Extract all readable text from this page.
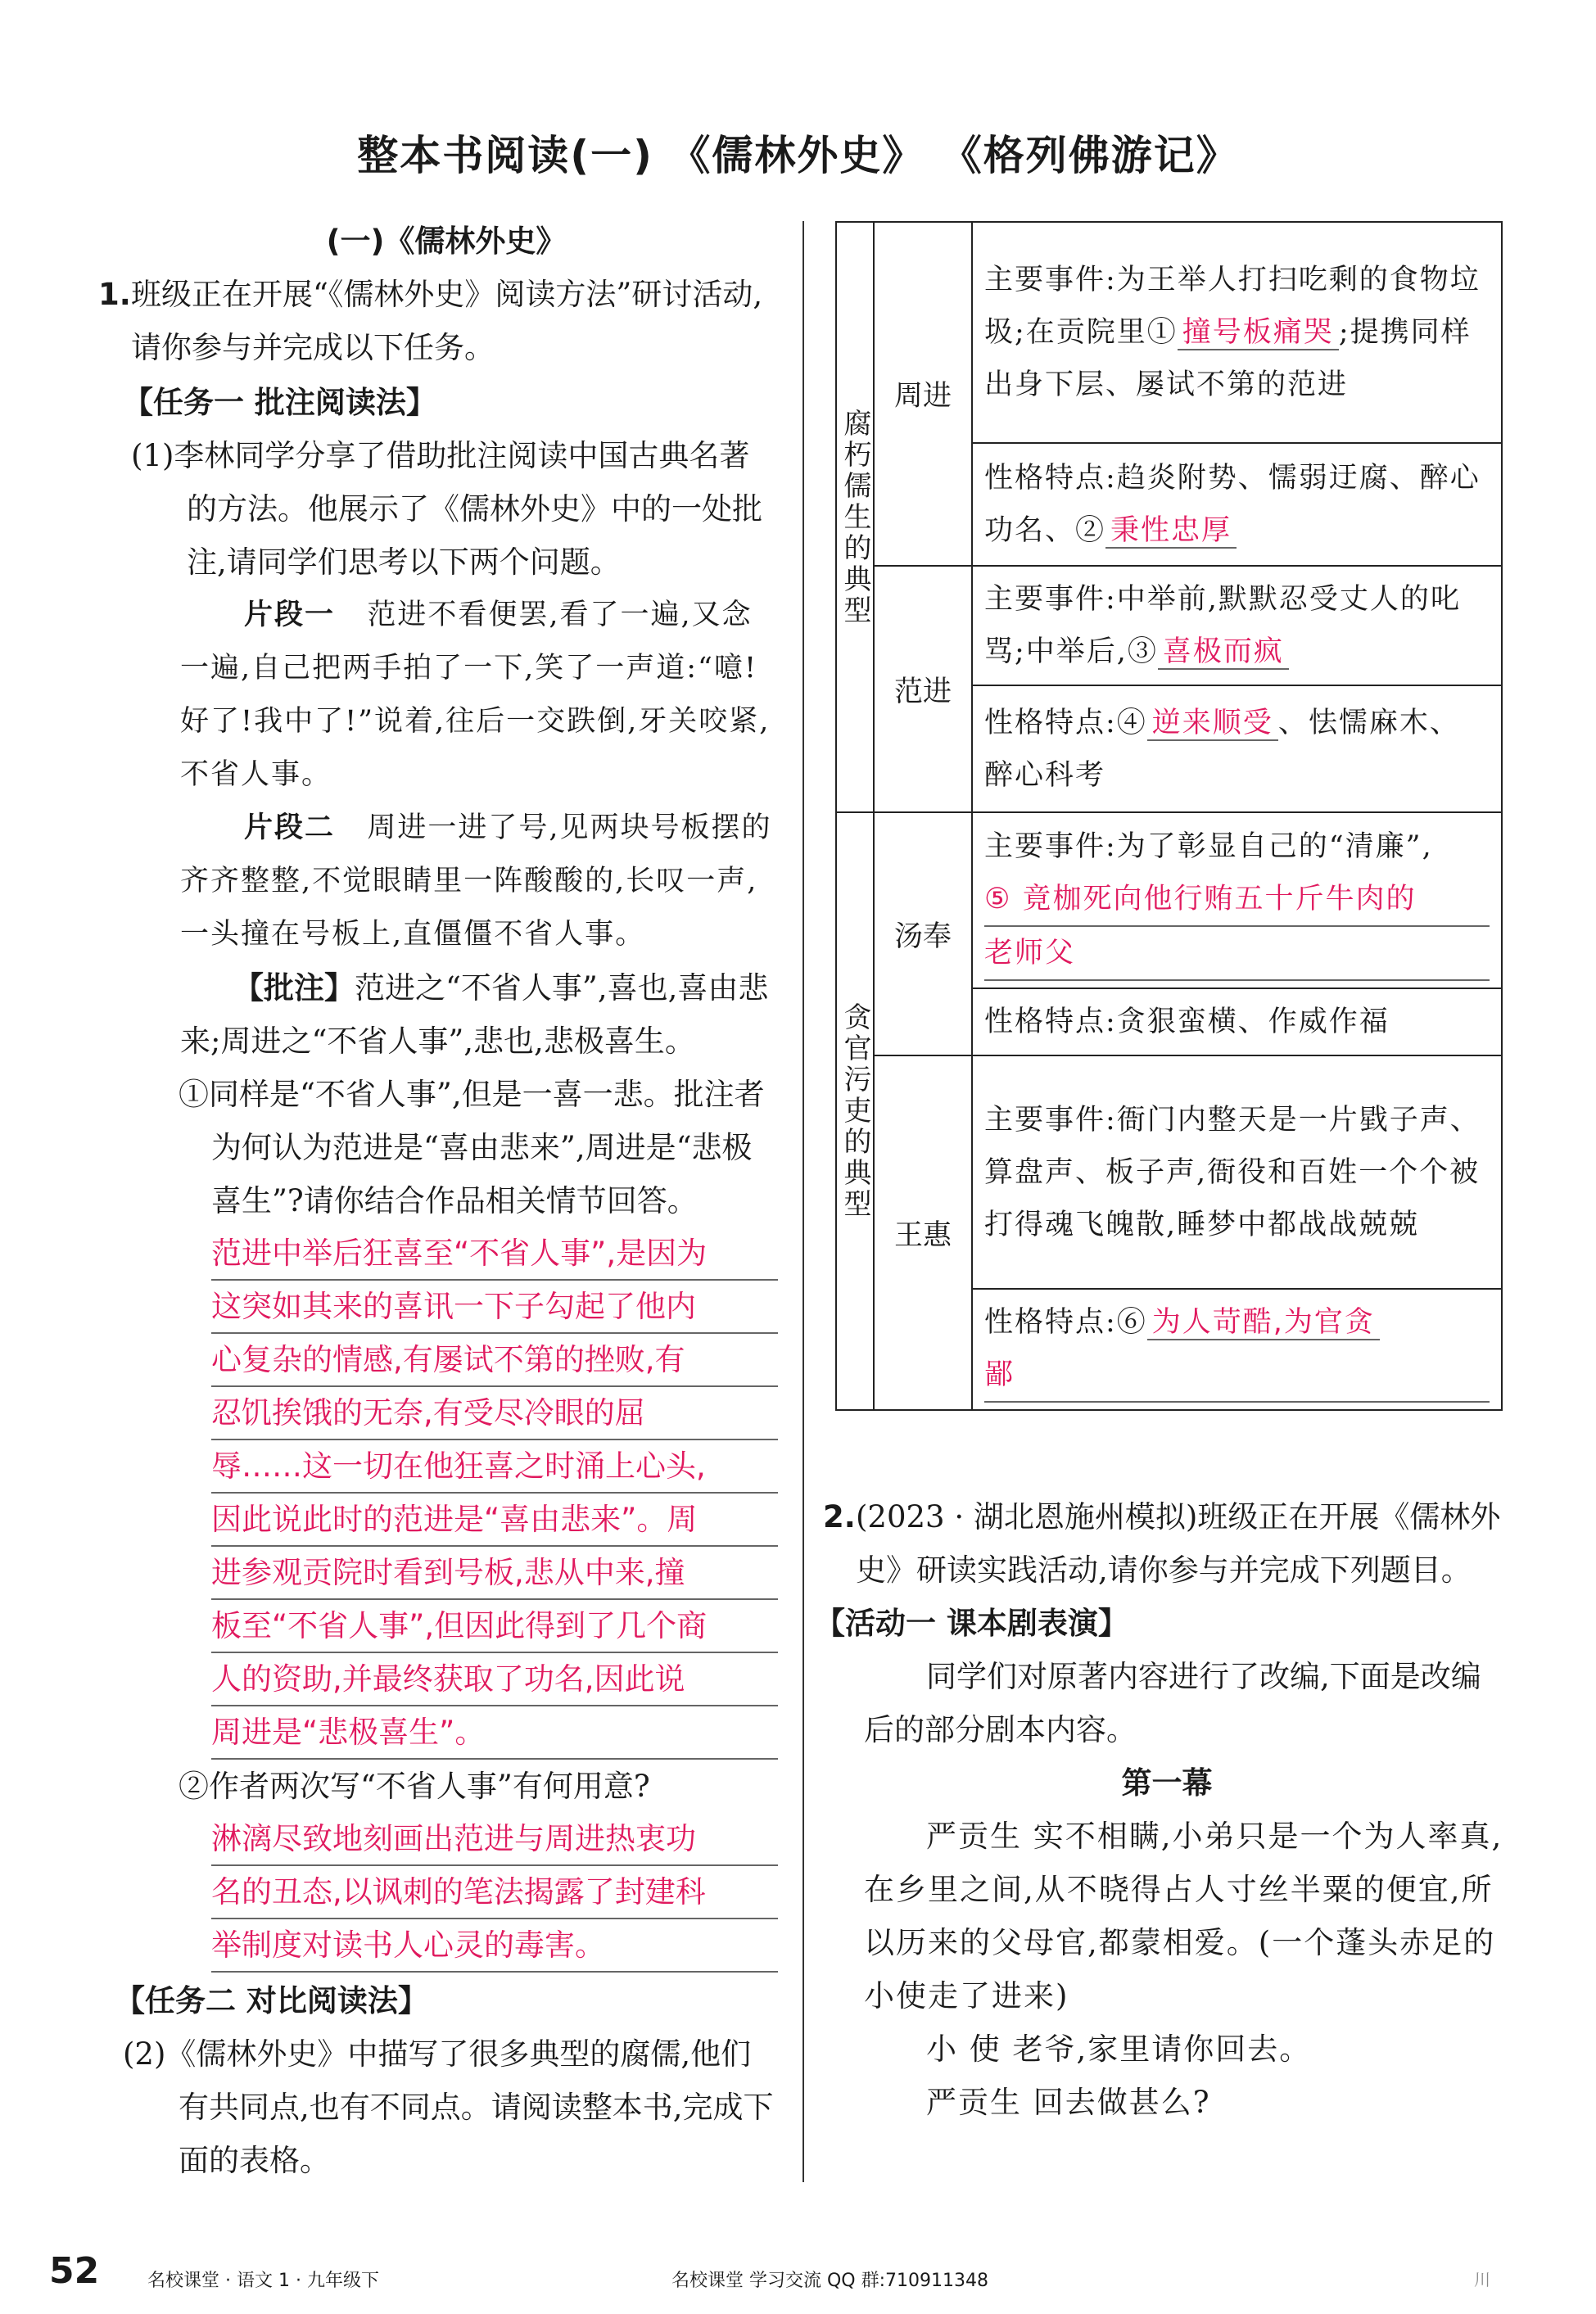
整本书阅读(一) 《儒林外史》 《格列佛游记》
(一)《儒林外史》
1. 班级正在开展“《儒林外史》阅读方法”研讨活动,请你参与并完成以下任务。
【任务一 批注阅读法】
(1)李林同学分享了借助批注阅读中国古典名著的方法。他展示了《儒林外史》中的一处批注,请同学们思考以下两个问题。
片段一 范进不看便罢,看了一遍,又念一遍,自己把两手拍了一下,笑了一声道:“噫!好了!我中了!”说着,往后一交跌倒,牙关咬紧,不省人事。
片段二 周进一进了号,见两块号板摆的齐齐整整,不觉眼睛里一阵酸酸的,长叹一声,一头撞在号板上,直僵僵不省人事。
【批注】范进之“不省人事”,喜也,喜由悲来;周进之“不省人事”,悲也,悲极喜生。
①同样是“不省人事”,但是一喜一悲。批注者为何认为范进是“喜由悲来”,周进是“悲极喜生”?请你结合作品相关情节回答。
范进中举后狂喜至“不省人事”,是因为
这突如其来的喜讯一下子勾起了他内
心复杂的情感,有屡试不第的挫败,有
忍饥挨饿的无奈,有受尽冷眼的屈
辱……这一切在他狂喜之时涌上心头,
因此说此时的范进是“喜由悲来”。周
进参观贡院时看到号板,悲从中来,撞
板至“不省人事”,但因此得到了几个商
人的资助,并最终获取了功名,因此说
周进是“悲极喜生”。
②作者两次写“不省人事”有何用意?
淋漓尽致地刻画出范进与周进热衷功
名的丑态,以讽刺的笔法揭露了封建科
举制度对读书人心灵的毒害。
【任务二 对比阅读法】
(2)《儒林外史》中描写了很多典型的腐儒,他们有共同点,也有不同点。请阅读整本书,完成下面的表格。
腐朽儒生的典型	周进	主要事件:为王举人打扫吃剩的食物垃圾;在贡院里① 撞号板痛哭 ;提携同样出身下层、屡试不第的范进
		性格特点:趋炎附势、懦弱迂腐、醉心功名、② 秉性忠厚
	范进	主要事件:中举前,默默忍受丈人的叱骂;中举后,③ 喜极而疯
		性格特点:④ 逆来顺受 、怯懦麻木、醉心科考
贪官污吏的典型	汤奉	主要事件:为了彰显自己的“清廉”,
⑤ 竟枷死向他行贿五十斤牛肉的
老师父

		性格特点:贪狠蛮横、作威作福
	王惠	主要事件:衙门内整天是一片戥子声、算盘声、板子声,衙役和百姓一个个被打得魂飞魄散,睡梦中都战战兢兢
		性格特点:⑥ 为人苛酷,为官贪
鄙
2. (2023 · 湖北恩施州模拟)班级正在开展《儒林外史》研读实践活动,请你参与并完成下列题目。
【活动一 课本剧表演】
同学们对原著内容进行了改编,下面是改编后的部分剧本内容。
第一幕
严贡生 实不相瞒,小弟只是一个为人率真,在乡里之间,从不晓得占人寸丝半粟的便宜,所以历来的父母官,都蒙相爱。(一个蓬头赤足的小使走了进来)
小 使 老爷,家里请你回去。
严贡生 回去做甚么?
52	名校课堂 · 语文 1 · 九年级下	名校课堂 学习交流 QQ 群:710911348	川
